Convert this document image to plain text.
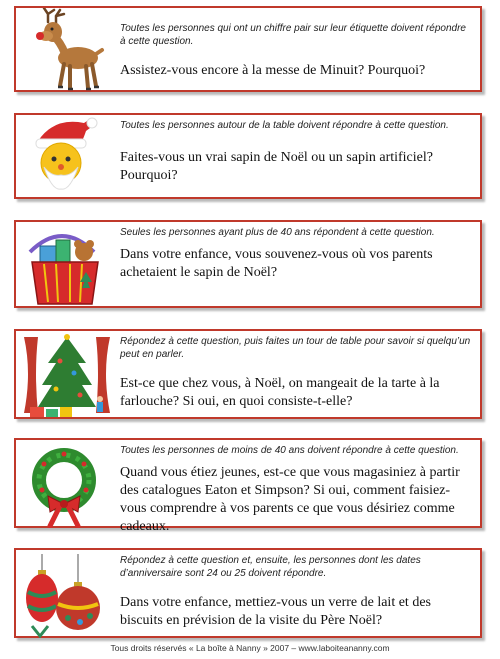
Toutes les personnes qui ont un chiffre pair sur leur étiquette doivent répondre à cette question.
Assistez-vous encore à la messe de Minuit? Pourquoi?
Toutes les personnes autour de la table doivent répondre à cette question.
Faites-vous un vrai sapin de Noël ou un sapin artificiel? Pourquoi?
Seules les personnes ayant plus de 40 ans répondent à cette question.
Dans votre enfance, vous souvenez-vous où vos parents achetaient le sapin de Noël?
Répondez à cette question, puis faites un tour de table pour savoir si quelqu’un peut en parler.
Est-ce que chez vous, à Noël, on mangeait de la tarte à la farlouche? Si oui, en quoi consiste-t-elle?
Toutes les personnes de moins de 40 ans doivent répondre à cette question.
Quand vous étiez jeunes, est-ce que vous magasiniez à partir des catalogues Eaton et Simpson? Si oui, comment faisiez-vous comprendre à vos parents ce que vous désiriez comme cadeaux.
Répondez à cette question et, ensuite, les personnes dont les dates d’anniversaire sont 24 ou 25 doivent répondre.
Dans votre enfance, mettiez-vous un verre de lait et des biscuits en prévision de la visite du Père Noël?
Tous droits réservés « La boîte à Nanny » 2007 – www.laboiteananny.com
